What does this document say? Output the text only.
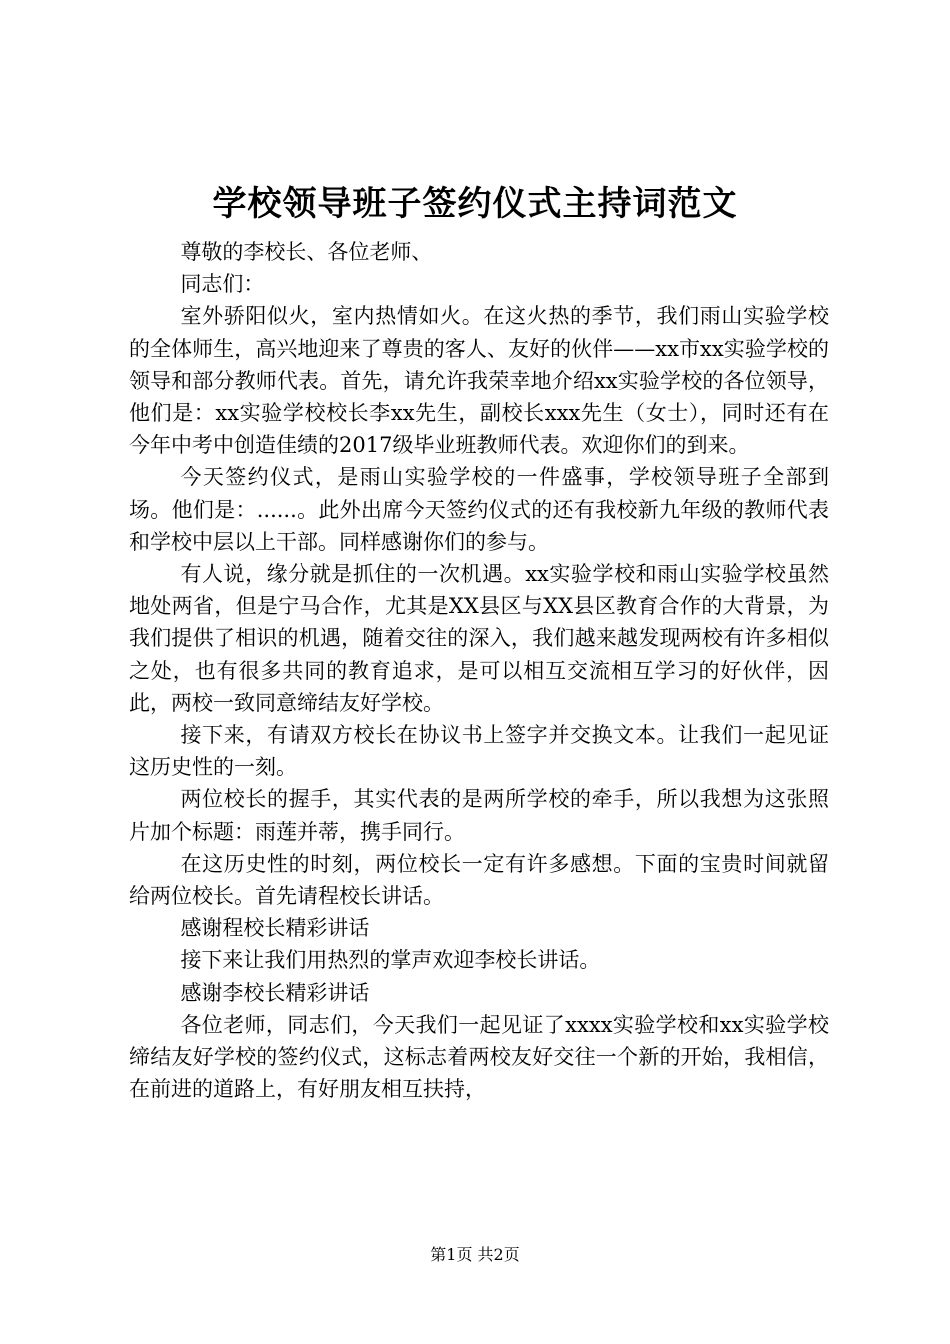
学校领导班子签约仪式主持词范文

尊敬的李校长、各位老师、

同志们：

室外骄阳似火，室内热情如火。在这火热的季节，我们雨山实验学校的全体师生，高兴地迎来了尊贵的客人、友好的伙伴——xx市xx实验学校的领导和部分教师代表。首先，请允许我荣幸地介绍xx实验学校的各位领导，他们是：xx实验学校校长李xx先生，副校长xxx先生（女士），同时还有在今年中考中创造佳绩的2017级毕业班教师代表。欢迎你们的到来。

今天签约仪式，是雨山实验学校的一件盛事，学校领导班子全部到场。他们是：......。此外出席今天签约仪式的还有我校新九年级的教师代表和学校中层以上干部。同样感谢你们的参与。

有人说，缘分就是抓住的一次机遇。xx实验学校和雨山实验学校虽然地处两省，但是宁马合作，尤其是XX县区与XX县区教育合作的大背景，为我们提供了相识的机遇，随着交往的深入，我们越来越发现两校有许多相似之处，也有很多共同的教育追求，是可以相互交流相互学习的好伙伴，因此，两校一致同意缔结友好学校。

接下来，有请双方校长在协议书上签字并交换文本。让我们一起见证这历史性的一刻。

两位校长的握手，其实代表的是两所学校的牵手，所以我想为这张照片加个标题：雨莲并蒂，携手同行。

在这历史性的时刻，两位校长一定有许多感想。下面的宝贵时间就留给两位校长。首先请程校长讲话。

感谢程校长精彩讲话

接下来让我们用热烈的掌声欢迎李校长讲话。

感谢李校长精彩讲话

各位老师，同志们，今天我们一起见证了xxxx实验学校和xx实验学校缔结友好学校的签约仪式，这标志着两校友好交往一个新的开始，我相信，在前进的道路上，有好朋友相互扶持，

第1页 共2页
